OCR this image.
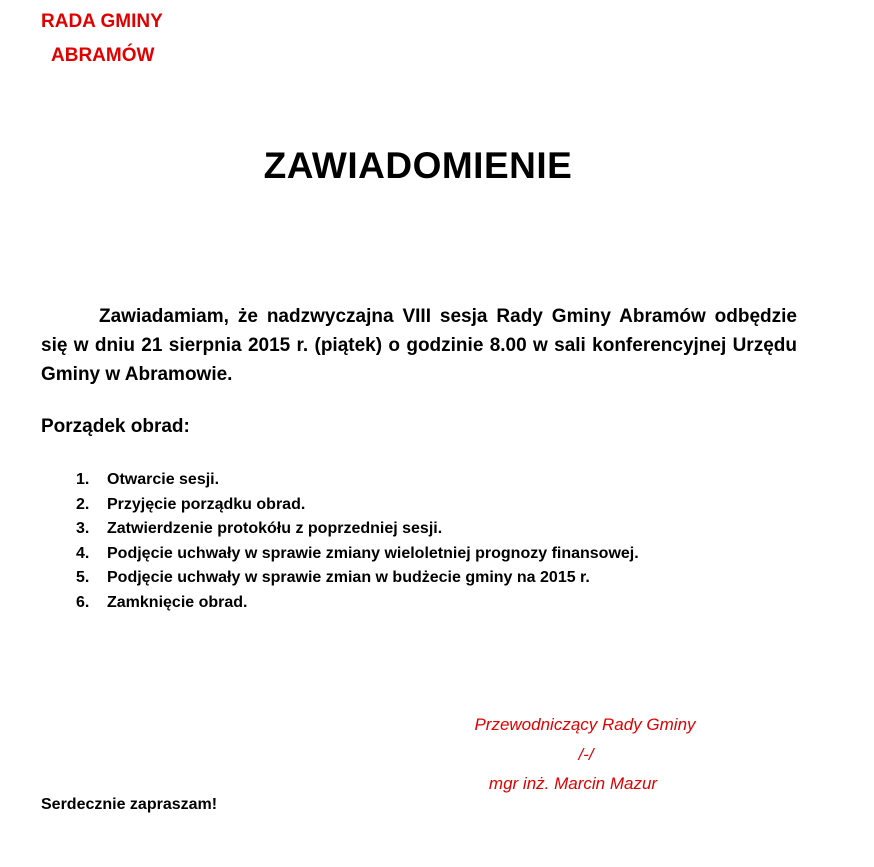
RADA GMINY
ABRAMÓW
ZAWIADOMIENIE

Zawiadamiam, że nadzwyczajna VIII sesja Rady Gminy Abramów odbędzie się w dniu 21 sierpnia 2015 r. (piątek) o godzinie 8.00 w sali konferencyjnej Urzędu Gminy w Abramowie.

Porządek obrad:

1. Otwarcie sesji.
2. Przyjęcie porządku obrad.
3. Zatwierdzenie protokółu z poprzedniej sesji.
4. Podjęcie uchwały w sprawie zmiany wieloletniej prognozy finansowej.
5. Podjęcie uchwały w sprawie zmian w budżecie gminy na 2015 r.
6. Zamknięcie obrad.
Przewodniczący Rady Gminy
/-/
mgr inż. Marcin Mazur

Serdecznie zapraszam!
